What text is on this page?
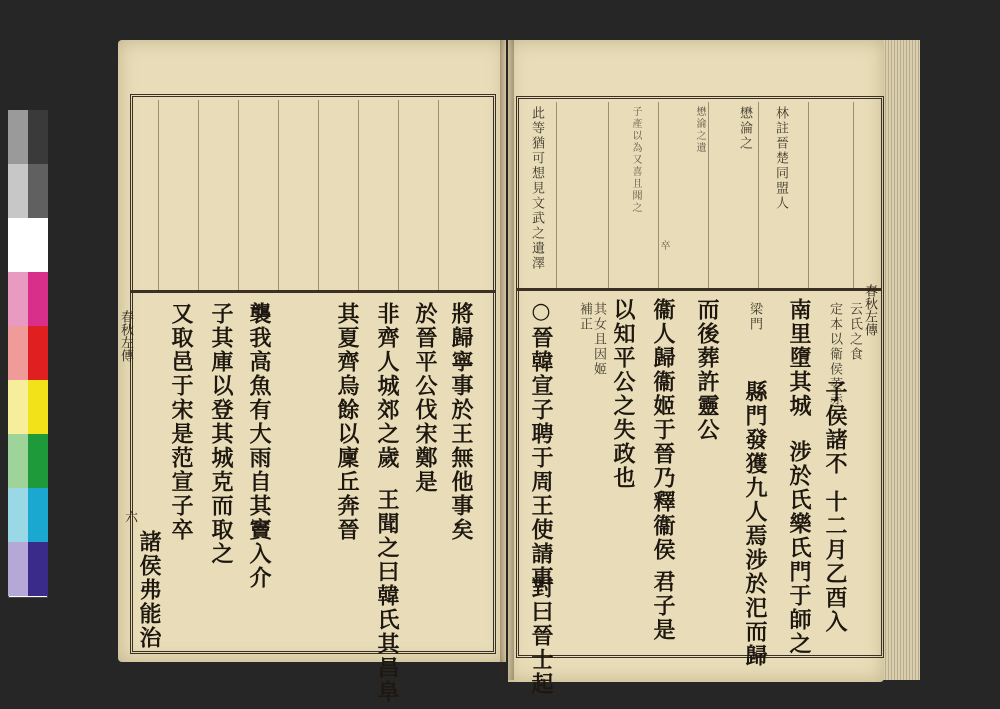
春秋左傳
六	將歸寧事於王無他事矣
於晉平公伐宋鄭是
非齊人城郊之歲
王聞之曰韓氏其昌阜
其夏齊烏餘以廩丘奔晉
襲我高魚有大雨自其竇入介
子其庫以登其城克而取之
又取邑于宋是范宣子卒
諸侯弗能治
春秋左傳
此等猶可想見文武之遺澤	懋淪之
子產以為又喜且聞之	林註晉楚同盟人
懋淪之遺
卒
以知平公之失政也 衞人歸衞姬于晉乃釋衞侯
君子是
而後葬許靈公	南里墮其城
涉於氏樂氏門于師之
梁門	定本以衛侯萎赤 云氏之食
子侯諸不
十二月乙酉入
○晉韓宣子聘于周王使請事
對曰晉士起
補正 其女且因姬
縣門發獲九人焉涉於汜而歸
